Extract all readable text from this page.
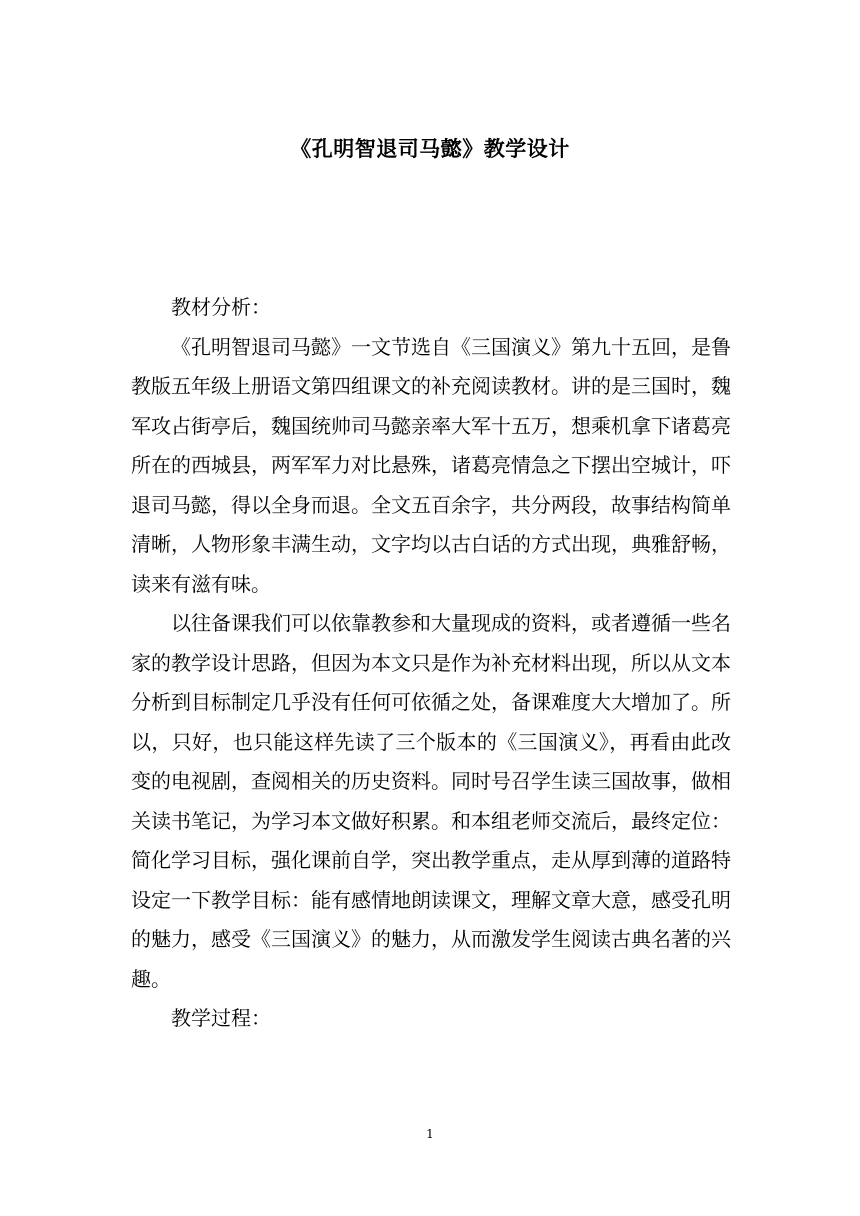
《孔明智退司马懿》教学设计

教材分析：

《孔明智退司马懿》一文节选自《三国演义》第九十五回，是鲁教版五年级上册语文第四组课文的补充阅读教材。讲的是三国时，魏军攻占街亭后，魏国统帅司马懿亲率大军十五万，想乘机拿下诸葛亮所在的西城县，两军军力对比悬殊，诸葛亮情急之下摆出空城计，吓退司马懿，得以全身而退。全文五百余字，共分两段，故事结构简单清晰，人物形象丰满生动，文字均以古白话的方式出现，典雅舒畅，读来有滋有味。

以往备课我们可以依靠教参和大量现成的资料，或者遵循一些名家的教学设计思路，但因为本文只是作为补充材料出现，所以从文本分析到目标制定几乎没有任何可依循之处，备课难度大大增加了。所以，只好，也只能这样先读了三个版本的《三国演义》，再看由此改变的电视剧，查阅相关的历史资料。同时号召学生读三国故事，做相关读书笔记，为学习本文做好积累。和本组老师交流后，最终定位：简化学习目标，强化课前自学，突出教学重点，走从厚到薄的道路特设定一下教学目标：能有感情地朗读课文，理解文章大意，感受孔明的魅力，感受《三国演义》的魅力，从而激发学生阅读古典名著的兴趣。

教学过程：

1
